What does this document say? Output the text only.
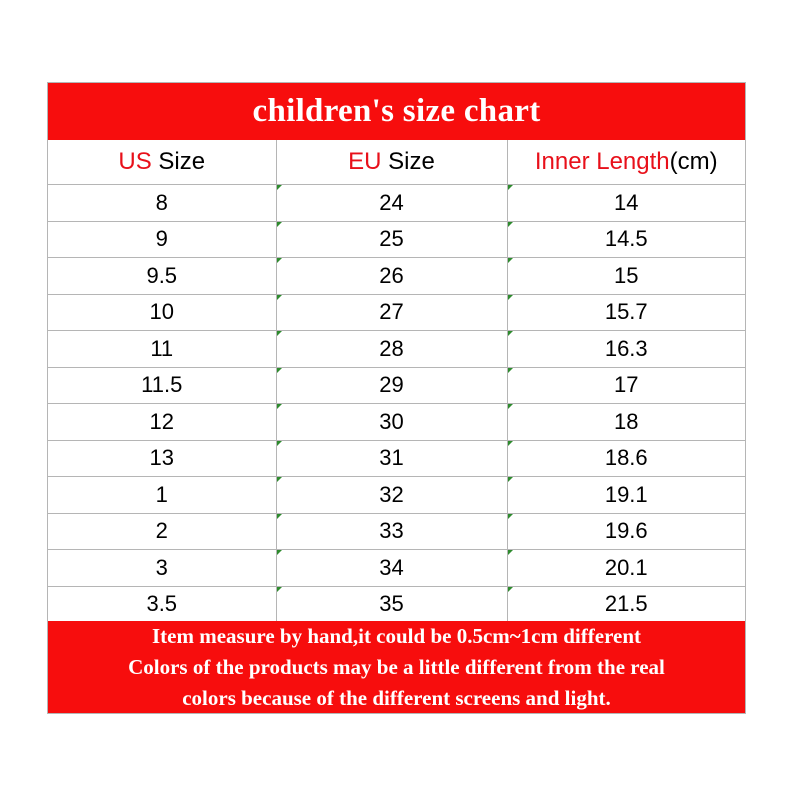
children's size chart
US Size	EU Size	Inner Length(cm)
8	24	14

9	25	14.5

9.5	26	15

10	27	15.7

11	28	16.3

11.5	29	17

12	30	18

13	31	18.6

1	32	19.1

2	33	19.6

3	34	20.1

3.5	35	21.5
Item measure by hand,it could be 0.5cm~1cm different
Colors of the products may be a little different from the real
colors because of the different screens and light.
